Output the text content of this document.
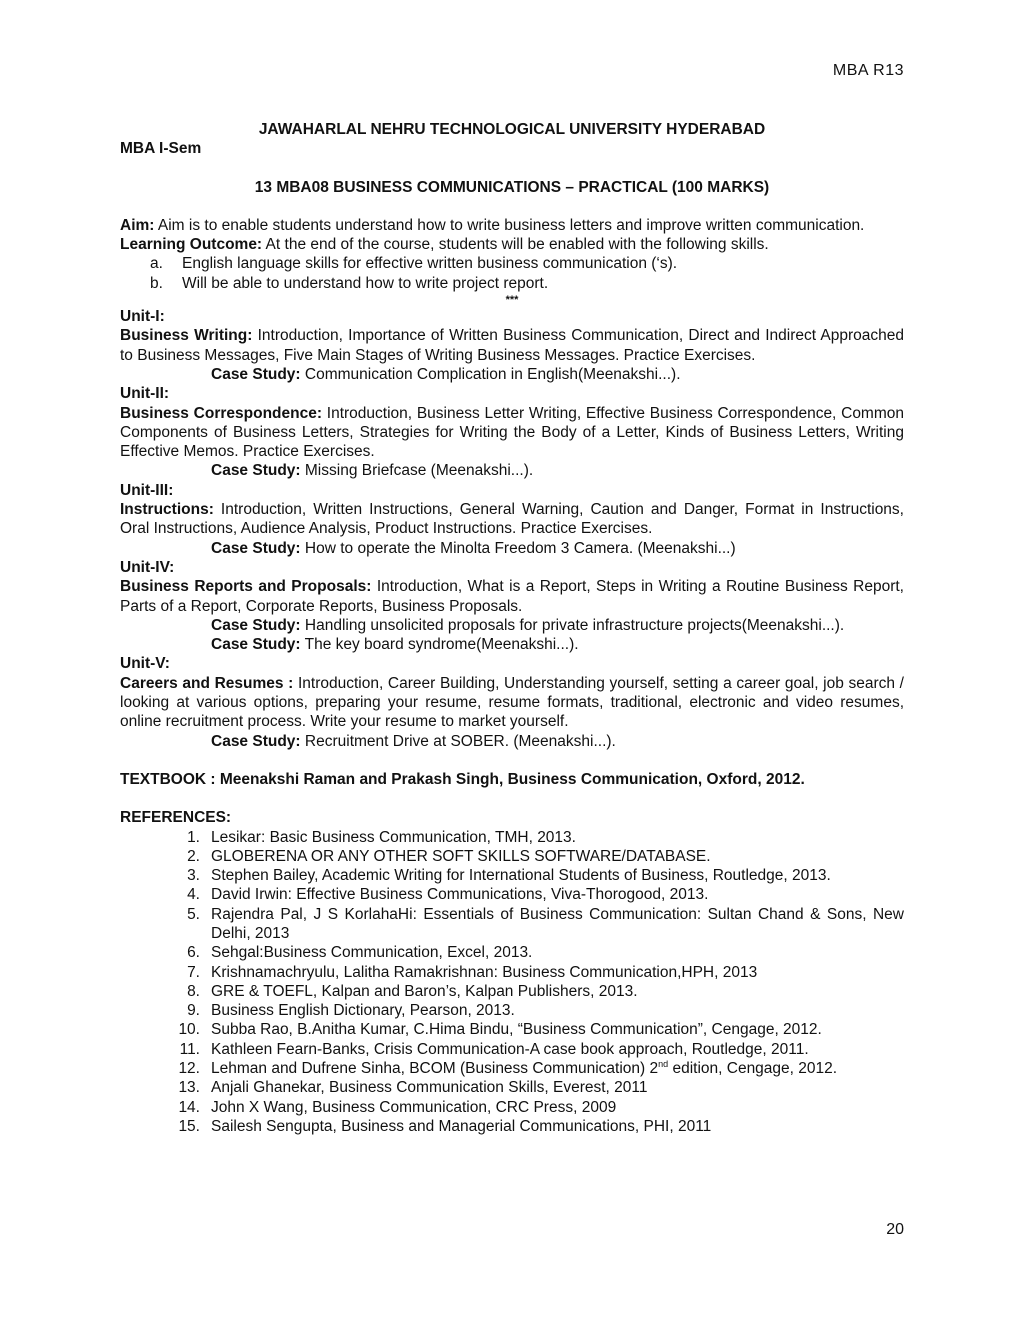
MBA R13
JAWAHARLAL NEHRU TECHNOLOGICAL UNIVERSITY HYDERABAD
MBA I-Sem
13 MBA08 BUSINESS COMMUNICATIONS – PRACTICAL (100 MARKS)
Aim: Aim is to enable students understand how to write business letters and improve written communication.
Learning Outcome: At the end of the course, students will be enabled with the following skills.
a. English language skills for effective written business communication (‘s).
b. Will be able to understand how to write project report.
***
Unit-I:
Business Writing: Introduction, Importance of Written Business Communication, Direct and Indirect Approached to Business Messages, Five Main Stages of Writing Business Messages. Practice Exercises.
Case Study: Communication Complication in English(Meenakshi...).
Unit-II:
Business Correspondence: Introduction, Business Letter Writing, Effective Business Correspondence, Common Components of Business Letters, Strategies for Writing the Body of a Letter, Kinds of Business Letters, Writing Effective Memos. Practice Exercises.
Case Study: Missing Briefcase (Meenakshi...).
Unit-III:
Instructions: Introduction, Written Instructions, General Warning, Caution and Danger, Format in Instructions, Oral Instructions, Audience Analysis, Product Instructions. Practice Exercises.
Case Study: How to operate the Minolta Freedom 3 Camera. (Meenakshi...)
Unit-IV:
Business Reports and Proposals: Introduction, What is a Report, Steps in Writing a Routine Business Report, Parts of a Report, Corporate Reports, Business Proposals.
Case Study: Handling unsolicited proposals for private infrastructure projects(Meenakshi...).
Case Study: The key board syndrome(Meenakshi...).
Unit-V:
Careers and Resumes : Introduction, Career Building, Understanding yourself, setting a career goal, job search / looking at various options, preparing your resume, resume formats, traditional, electronic and video resumes, online recruitment process. Write your resume to market yourself.
Case Study: Recruitment Drive at SOBER. (Meenakshi...).
TEXTBOOK : Meenakshi Raman and Prakash Singh, Business Communication, Oxford, 2012.
REFERENCES:
1. Lesikar: Basic Business Communication, TMH, 2013.
2. GLOBERENA OR ANY OTHER SOFT SKILLS SOFTWARE/DATABASE.
3. Stephen Bailey, Academic Writing for International Students of Business, Routledge, 2013.
4. David Irwin: Effective Business Communications, Viva-Thorogood, 2013.
5. Rajendra Pal, J S KorlahaHi: Essentials of Business Communication: Sultan Chand & Sons, New Delhi, 2013
6. Sehgal:Business Communication, Excel, 2013.
7. Krishnamachryulu, Lalitha Ramakrishnan: Business Communication,HPH, 2013
8. GRE & TOEFL, Kalpan and Baron’s, Kalpan Publishers, 2013.
9. Business English Dictionary, Pearson, 2013.
10. Subba Rao, B.Anitha Kumar, C.Hima Bindu, “Business Communication”, Cengage, 2012.
11. Kathleen Fearn-Banks, Crisis Communication-A case book approach, Routledge, 2011.
12. Lehman and Dufrene Sinha, BCOM (Business Communication) 2nd edition, Cengage, 2012.
13. Anjali Ghanekar, Business Communication Skills, Everest, 2011
14. John X Wang, Business Communication, CRC Press, 2009
15. Sailesh Sengupta, Business and Managerial Communications, PHI, 2011
20
